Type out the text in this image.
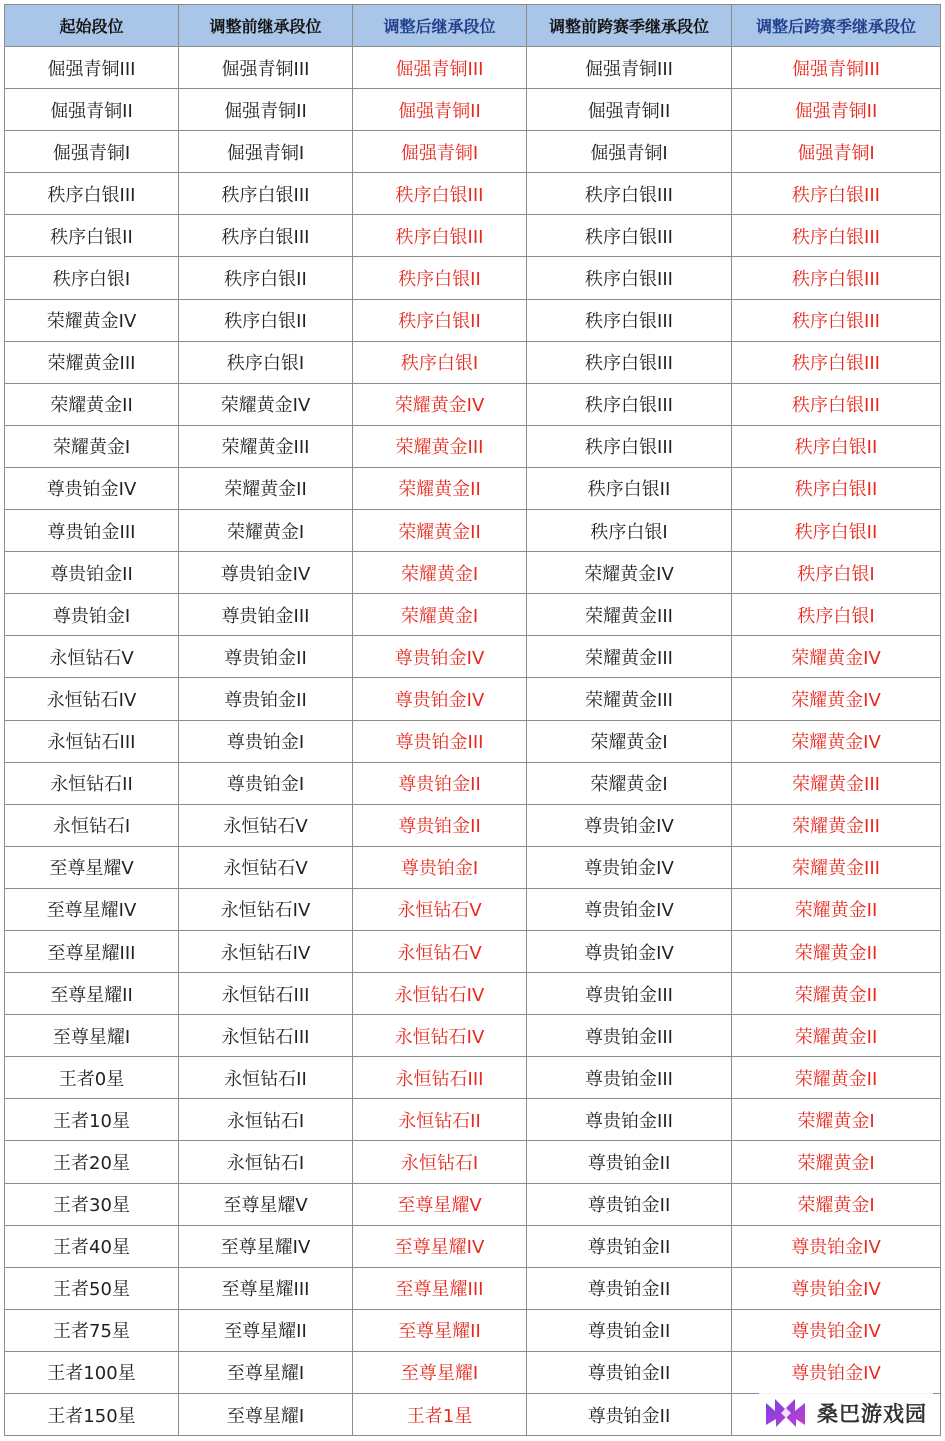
起始段位	调整前继承段位	调整后继承段位	调整前跨赛季继承段位	调整后跨赛季继承段位
倔强青铜III	倔强青铜III	倔强青铜III	倔强青铜III	倔强青铜III
倔强青铜II	倔强青铜II	倔强青铜II	倔强青铜II	倔强青铜II
倔强青铜I	倔强青铜I	倔强青铜I	倔强青铜I	倔强青铜I
秩序白银III	秩序白银III	秩序白银III	秩序白银III	秩序白银III
秩序白银II	秩序白银III	秩序白银III	秩序白银III	秩序白银III
秩序白银I	秩序白银II	秩序白银II	秩序白银III	秩序白银III
荣耀黄金IV	秩序白银II	秩序白银II	秩序白银III	秩序白银III
荣耀黄金III	秩序白银I	秩序白银I	秩序白银III	秩序白银III
荣耀黄金II	荣耀黄金IV	荣耀黄金IV	秩序白银III	秩序白银III
荣耀黄金I	荣耀黄金III	荣耀黄金III	秩序白银III	秩序白银II
尊贵铂金IV	荣耀黄金II	荣耀黄金II	秩序白银II	秩序白银II
尊贵铂金III	荣耀黄金I	荣耀黄金II	秩序白银I	秩序白银II
尊贵铂金II	尊贵铂金IV	荣耀黄金I	荣耀黄金IV	秩序白银I
尊贵铂金I	尊贵铂金III	荣耀黄金I	荣耀黄金III	秩序白银I
永恒钻石V	尊贵铂金II	尊贵铂金IV	荣耀黄金III	荣耀黄金IV
永恒钻石IV	尊贵铂金II	尊贵铂金IV	荣耀黄金III	荣耀黄金IV
永恒钻石III	尊贵铂金I	尊贵铂金III	荣耀黄金I	荣耀黄金IV
永恒钻石II	尊贵铂金I	尊贵铂金II	荣耀黄金I	荣耀黄金III
永恒钻石I	永恒钻石V	尊贵铂金II	尊贵铂金IV	荣耀黄金III
至尊星耀V	永恒钻石V	尊贵铂金I	尊贵铂金IV	荣耀黄金III
至尊星耀IV	永恒钻石IV	永恒钻石V	尊贵铂金IV	荣耀黄金II
至尊星耀III	永恒钻石IV	永恒钻石V	尊贵铂金IV	荣耀黄金II
至尊星耀II	永恒钻石III	永恒钻石IV	尊贵铂金III	荣耀黄金II
至尊星耀I	永恒钻石III	永恒钻石IV	尊贵铂金III	荣耀黄金II
王者0星	永恒钻石II	永恒钻石III	尊贵铂金III	荣耀黄金II
王者10星	永恒钻石I	永恒钻石II	尊贵铂金III	荣耀黄金I
王者20星	永恒钻石I	永恒钻石I	尊贵铂金II	荣耀黄金I
王者30星	至尊星耀V	至尊星耀V	尊贵铂金II	荣耀黄金I
王者40星	至尊星耀IV	至尊星耀IV	尊贵铂金II	尊贵铂金IV
王者50星	至尊星耀III	至尊星耀III	尊贵铂金II	尊贵铂金IV
王者75星	至尊星耀II	至尊星耀II	尊贵铂金II	尊贵铂金IV
王者100星	至尊星耀I	至尊星耀I	尊贵铂金II	尊贵铂金IV
王者150星	至尊星耀I	王者1星	尊贵铂金II		桑巴游戏园
